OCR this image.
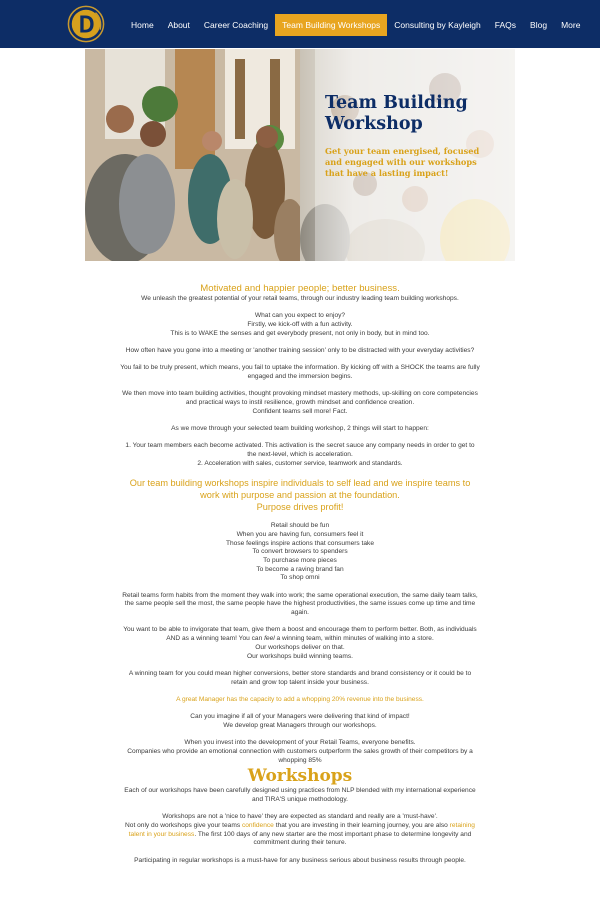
Home	About	Career Coaching	Team Building Workshops	Consulting by Kayleigh	FAQs	Blog	More
Team Building Workshop
Get your team energised, focused and engaged with our workshops that have a lasting impact!

Motivated and happier people; better business.

We unleash the greatest potential of your retail teams, through our industry leading team building workshops.

What can you expect to enjoy?

Firstly, we kick-off with a fun activity.

This is to WAKE the senses and get everybody present, not only in body, but in mind too.

How often have you gone into a meeting or 'another training session' only to be distracted with your everyday activities?

You fail to be truly present, which means, you fail to uptake the information. By kicking off with a SHOCK the teams are fully engaged and the immersion begins.

We then move into team building activities, thought provoking mindset mastery methods, up-skilling on core competencies and practical ways to instil resilience, growth mindset and confidence creation.

Confident teams sell more! Fact.

As we move through your selected team building workshop, 2 things will start to happen:

1. Your team members each become activated. This activation is the secret sauce any company needs in order to get to the next-level, which is acceleration.

2. Acceleration with sales, customer service, teamwork and standards.

Our team building workshops inspire individuals to self lead and we inspire teams to work with purpose and passion at the foundation.

Purpose drives profit!

Retail should be fun

When you are having fun, consumers feel it

Those feelings inspire actions that consumers take

To convert browsers to spenders

To purchase more pieces

To become a raving brand fan

To shop omni

Retail teams form habits from the moment they walk into work; the same operational execution, the same daily team talks, the same people sell the most, the same people have the highest productivities, the same issues come up time and time again.

You want to be able to invigorate that team, give them a boost and encourage them to perform better. Both, as individuals AND as a winning team! You can feel a winning team, within minutes of walking into a store.

Our workshops deliver on that.

Our workshops build winning teams.

A winning team for you could mean higher conversions, better store standards and brand consistency or it could be to retain and grow top talent inside your business.

A great Manager has the capacity to add a whopping 20% revenue into the business.

Can you imagine if all of your Managers were delivering that kind of impact!

We develop great Managers through our workshops.

When you invest into the development of your Retail Teams, everyone benefits.

Companies who provide an emotional connection with customers outperform the sales growth of their competitors by a whopping 85%

Workshops

Each of our workshops have been carefully designed using practices from NLP blended with my international experience and TIRA'S unique methodology.

Workshops are not a 'nice to have' they are expected as standard and really are a 'must-have'.

Not only do workshops give your teams confidence that you are investing in their learning journey, you are also retaining talent in your business. The first 100 days of any new starter are the most important phase to determine longevity and commitment during their tenure.

Participating in regular workshops is a must-have for any business serious about business results through people.
